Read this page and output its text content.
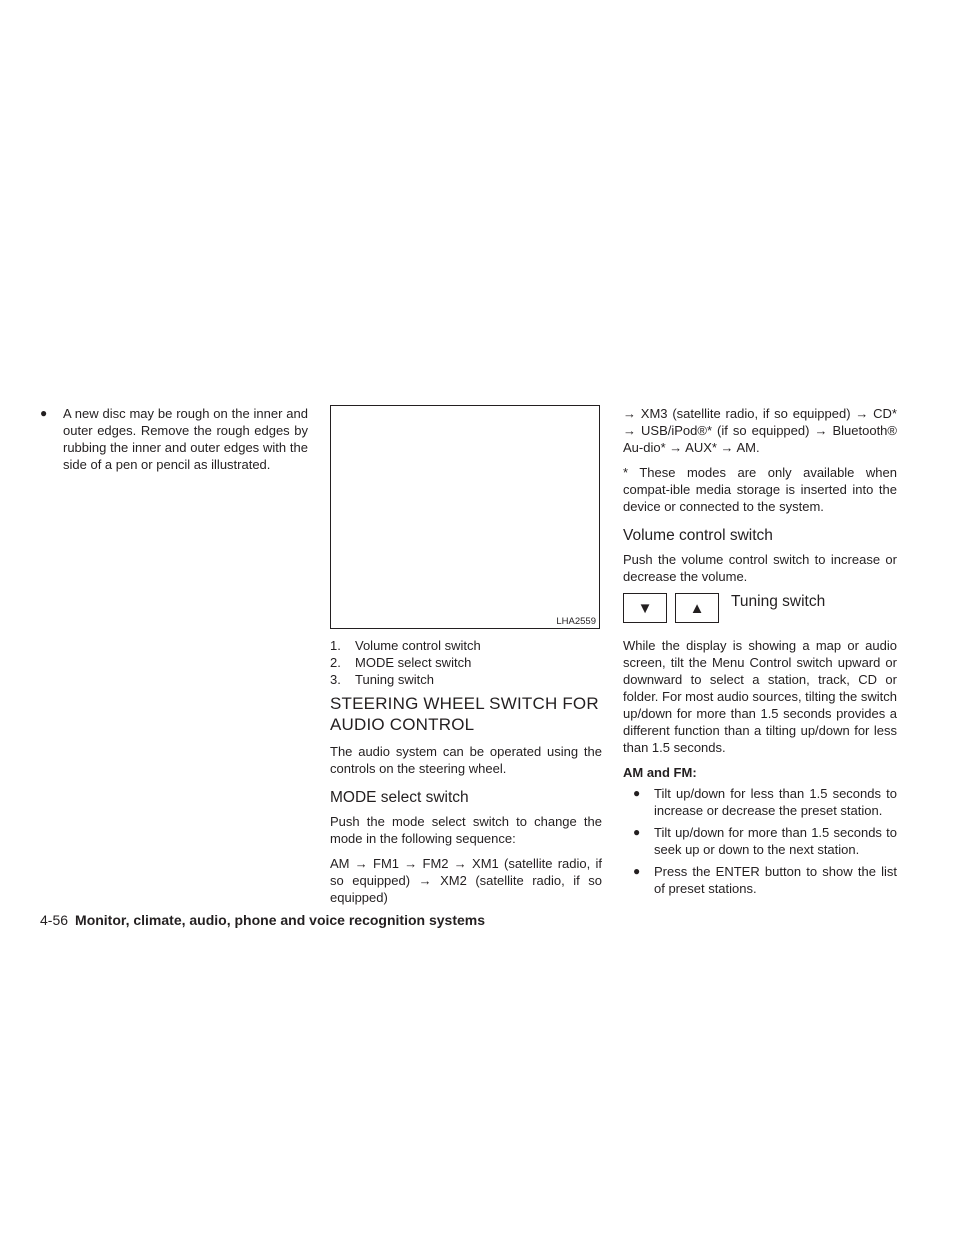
● A new disc may be rough on the inner and outer edges. Remove the rough edges by rubbing the inner and outer edges with the side of a pen or pencil as illustrated.
LHA2559
1.	Volume control switch
2.	MODE select switch
3.	Tuning switch
STEERING WHEEL SWITCH FOR AUDIO CONTROL

The audio system can be operated using the controls on the steering wheel.

MODE select switch

Push the mode select switch to change the mode in the following sequence:

AM → FM1 → FM2 → XM1 (satellite radio, if so equipped) → XM2 (satellite radio, if so equipped)

→ XM3 (satellite radio, if so equipped) → CD* → USB/iPod®* (if so equipped) → Bluetooth® Au-dio* → AUX* → AM.

* These modes are only available when compat-ible media storage is inserted into the device or connected to the system.

Volume control switch

Push the volume control switch to increase or decrease the volume.

▼ ▲ Tuning switch

While the display is showing a map or audio screen, tilt the Menu Control switch upward or downward to select a station, track, CD or folder. For most audio sources, tilting the switch up/down for more than 1.5 seconds provides a different function than a tilting up/down for less than 1.5 seconds.

AM and FM:
● Tilt up/down for less than 1.5 seconds to increase or decrease the preset station.
● Tilt up/down for more than 1.5 seconds to seek up or down to the next station.
● Press the ENTER button to show the list of preset stations.
4-56 Monitor, climate, audio, phone and voice recognition systems
